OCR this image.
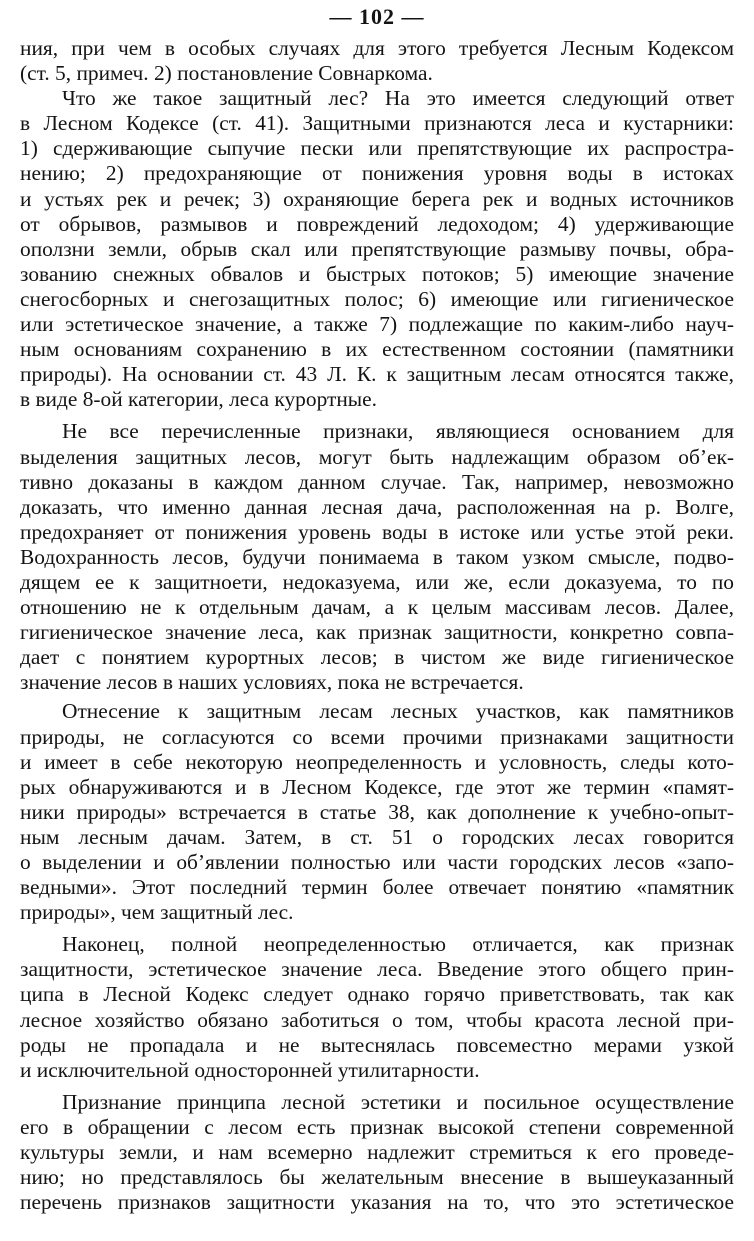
— 102 —
ния, при чем в особых случаях для этого требуется Лесным Кодексом
(ст. 5, примеч. 2) постановление Совнаркома.
Что же такое защитный лес? На это имеется следующий ответ
в Лесном Кодексе (ст. 41). Защитными признаются леса и кустарники:
1) сдерживающие сыпучие пески или препятствующие их распростра-
нению; 2) предохраняющие от понижения уровня воды в истоках
и устьях рек и речек; 3) охраняющие берега рек и водных источников
от обрывов, размывов и повреждений ледоходом; 4) удерживающие
оползни земли, обрыв скал или препятствующие размыву почвы, обра-
зованию снежных обвалов и быстрых потоков; 5) имеющие значение
снегосборных и снегозащитных полос; 6) имеющие или гигиеническое
или эстетическое значение, а также 7) подлежащие по каким-либо науч-
ным основаниям сохранению в их естественном состоянии (памятники
природы). На основании ст. 43 Л. К. к защитным лесам относятся также,
в виде 8-ой категории, леса курортные.
Не все перечисленные признаки, являющиеся основанием для
выделения защитных лесов, могут быть надлежащим образом об’ек-
тивно доказаны в каждом данном случае. Так, например, невозможно
доказать, что именно данная лесная дача, расположенная на р. Волге,
предохраняет от понижения уровень воды в истоке или устье этой реки.
Водохранность лесов, будучи понимаема в таком узком смысле, подво-
дящем ее к защитноети, недоказуема, или же, если доказуема, то по
отношению не к отдельным дачам, а к целым массивам лесов. Далее,
гигиеническое значение леса, как признак защитности, конкретно совпа-
дает с понятием курортных лесов; в чистом же виде гигиеническое
значение лесов в наших условиях, пока не встречается.
Отнесение к защитным лесам лесных участков, как памятников
природы, не согласуются со всеми прочими признаками защитности
и имеет в себе некоторую неопределенность и условность, следы кото-
рых обнаруживаются и в Лесном Кодексе, где этот же термин «памят-
ники природы» встречается в статье 38, как дополнение к учебно-опыт-
ным лесным дачам. Затем, в ст. 51 о городских лесах говорится
о выделении и об’явлении полностью или части городских лесов «запо-
ведными». Этот последний термин более отвечает понятию «памятник
природы», чем защитный лес.
Наконец, полной неопределенностью отличается, как признак
защитности, эстетическое значение леса. Введение этого общего прин-
ципа в Лесной Кодекс следует однако горячо приветствовать, так как
лесное хозяйство обязано заботиться о том, чтобы красота лесной при-
роды не пропадала и не вытеснялась повсеместно мерами узкой
и исключительной односторонней утилитарности.
Признание принципа лесной эстетики и посильное осуществление
его в обращении с лесом есть признак высокой степени современной
культуры земли, и нам всемерно надлежит стремиться к его проведе-
нию; но представлялось бы желательным внесение в вышеуказанный
перечень признаков защитности указания на то, что это эстетическое
